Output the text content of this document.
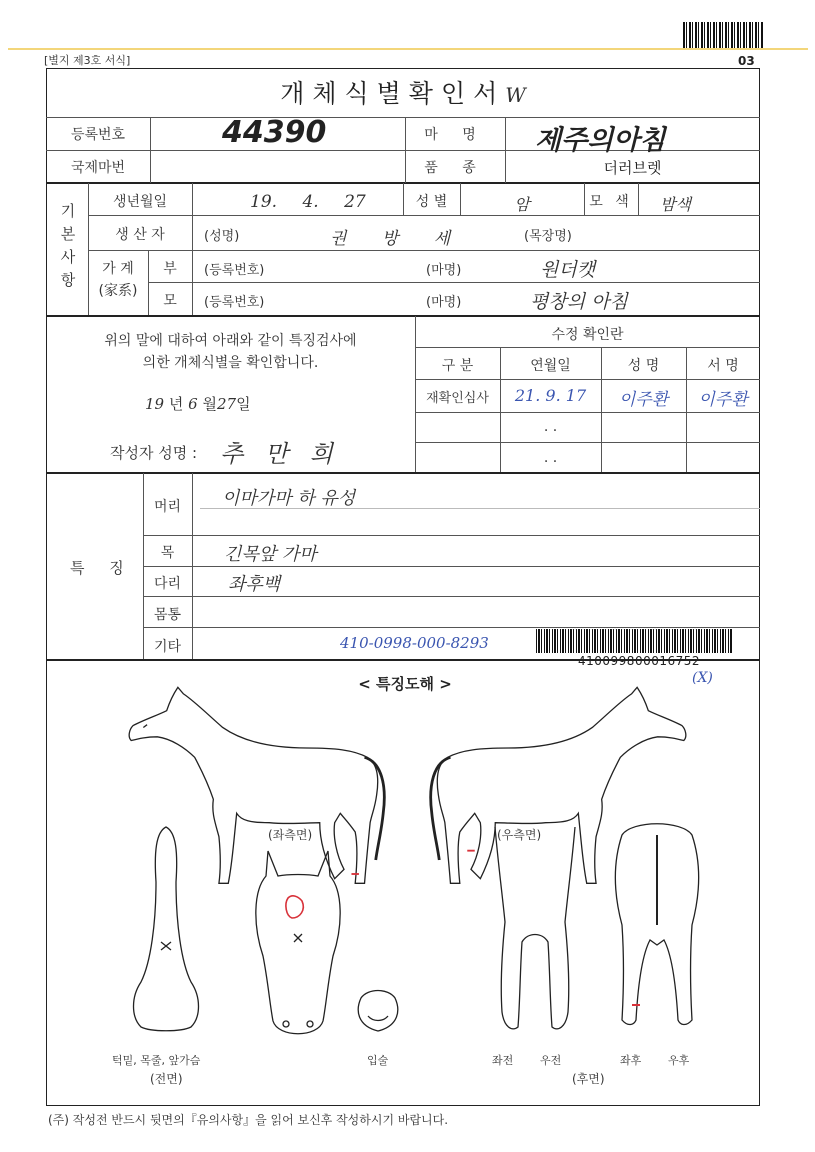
[별지 제3호 서식]	03
개체식별확인서W
등록번호	44390	마 명	제주의아침
국제마번	품 종	더러브렛
기본사항
생년월일	19. 4. 27	성 별	암	모 색	밤색
생 산 자	(성명)	권 방 세	(목장명)
가 계
(家系)
부	(등록번호)	(마명)	원더캣
모	(등록번호)	(마명)	평창의 아침
위의 말에 대하여 아래와 같이 특징검사에
의한 개체식별을 확인합니다.
19 년 6 월27일
작성자 성명 : 추 만 희
수정 확인란
구 분	연월일	성 명	서 명
재확인심사	21. 9. 17	이주환	이주환
. .
. .
특 징
머리	이마가마 하 유성
목	긴목앞 가마
다리	좌후백
몸통
기타	410-0998-000-8293
410099800016752
(X)
< 특징도해 >
(좌측면)	(우측면)
턱밑, 목줄, 앞가슴
(전면)
입술	좌전 우전	좌후 우후
(후면)
(주) 작성전 반드시 뒷면의『유의사항』을 읽어 보신후 작성하시기 바랍니다.
